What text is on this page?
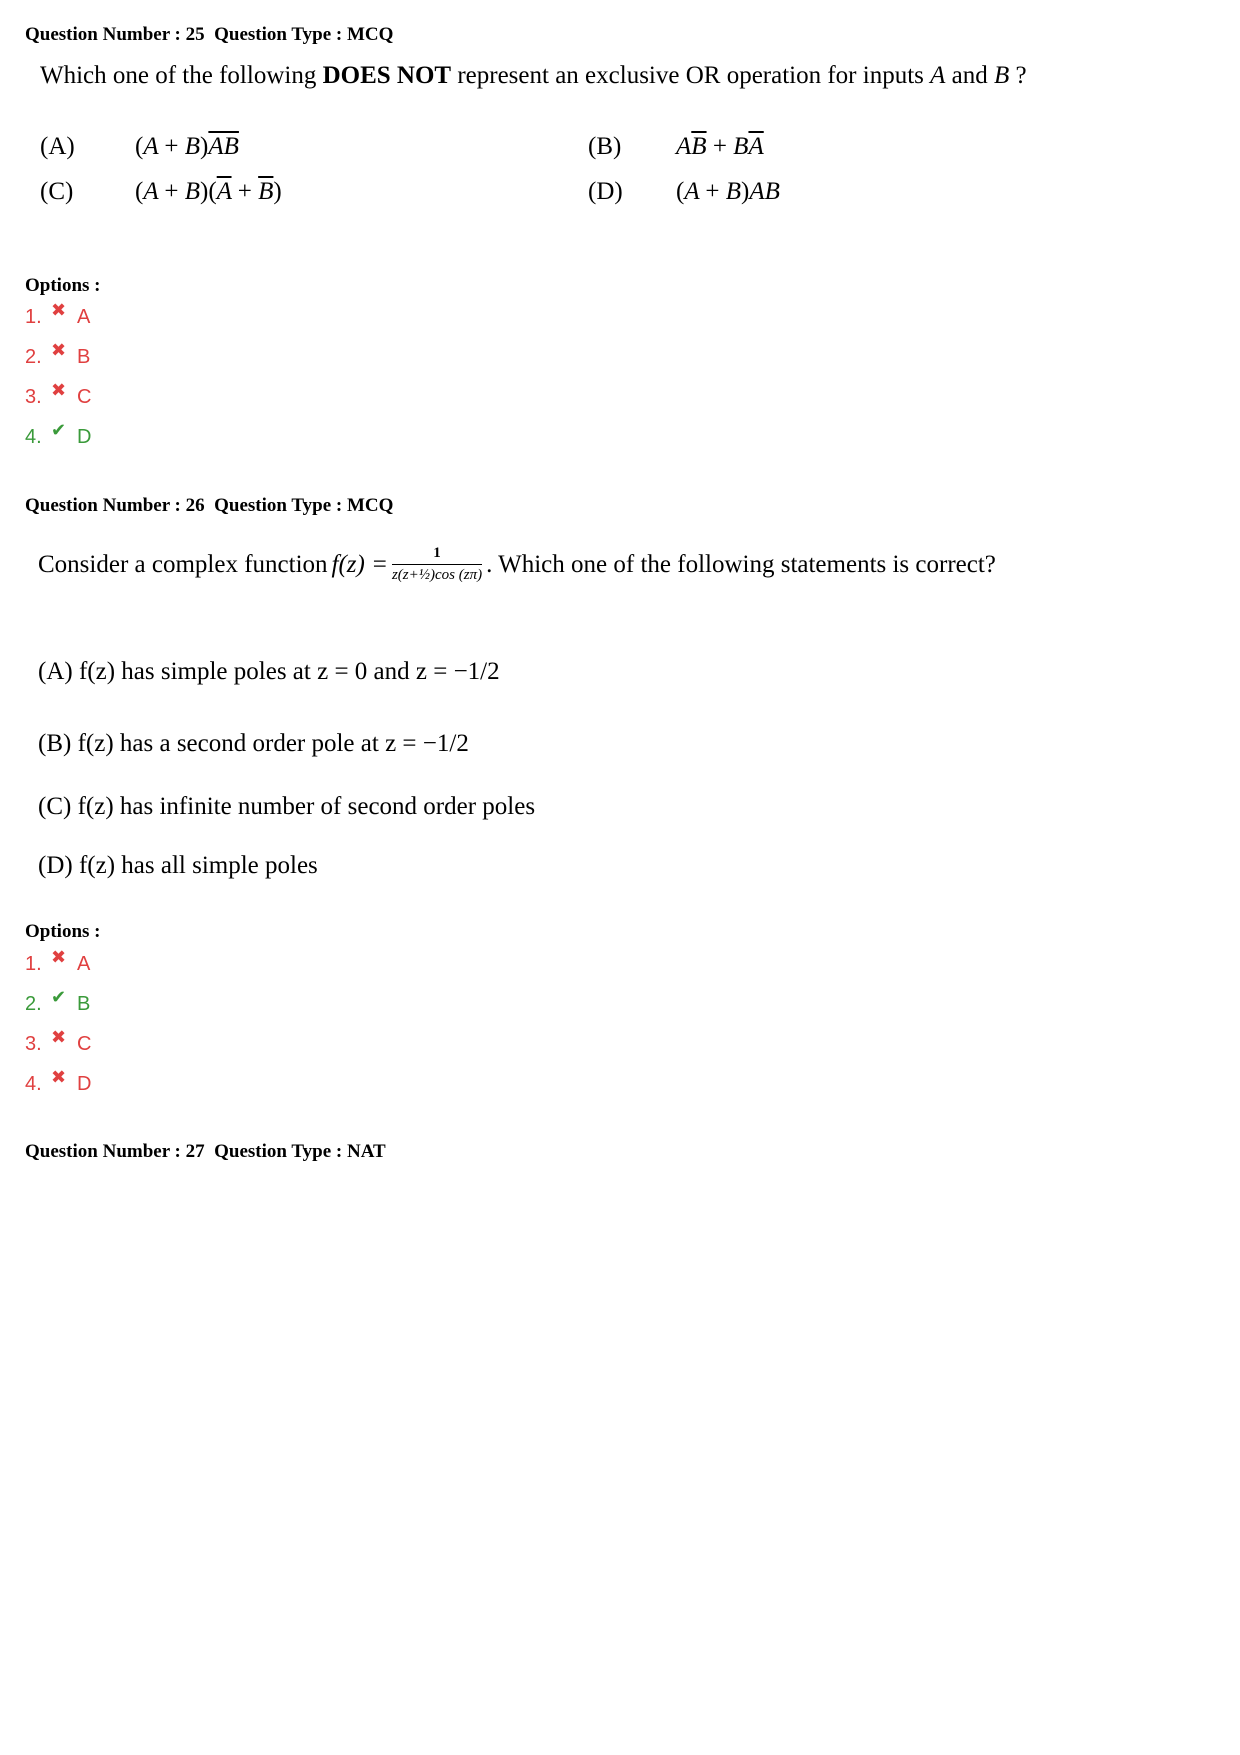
Question Number : 25  Question Type : MCQ
Which one of the following DOES NOT represent an exclusive OR operation for inputs A and B ?
(A) $(A + B)\overline{AB}$	(B) $A\overline{B} + B\overline{A}$
(C) $(A + B)(\overline{A} + \overline{B})$	(D) (A + B)AB
Options :
1. ✖ A
2. ✖ B
3. ✖ C
4. ✔ D
Question Number : 26  Question Type : MCQ
Consider a complex function $f(z) = \frac{1}{\text{z(z+½)cos (zπ)}}$ . Which one of the following statements is correct?
(A) f(z) has simple poles at z = 0 and z = −1/2
(B) f(z) has a second order pole at z = −1/2
(C) f(z) has infinite number of second order poles
(D) f(z) has all simple poles
Options :
1. ✖ A
2. ✔ B
3. ✖ C
4. ✖ D
Question Number : 27  Question Type : NAT
